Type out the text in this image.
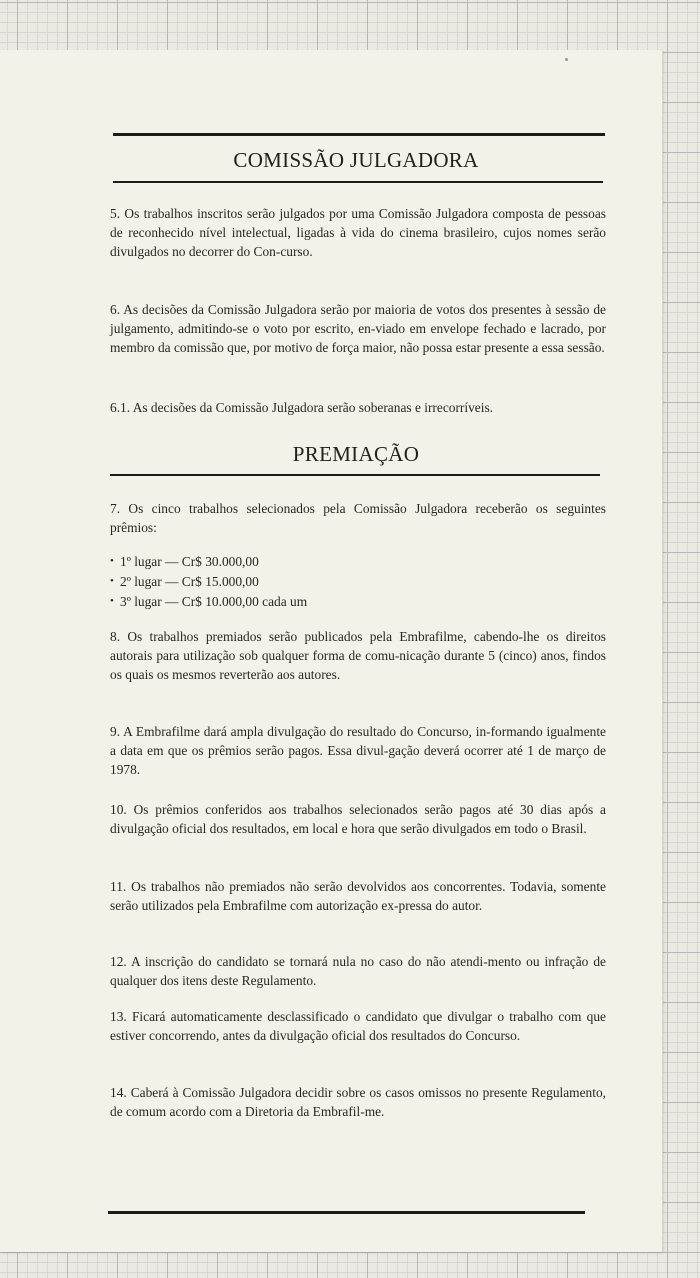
COMISSÃO JULGADORA
5. Os trabalhos inscritos serão julgados por uma Comissão Julgadora composta de pessoas de reconhecido nível intelectual, ligadas à vida do cinema brasileiro, cujos nomes serão divulgados no decorrer do Con-curso.
6. As decisões da Comissão Julgadora serão por maioria de votos dos presentes à sessão de julgamento, admitindo-se o voto por escrito, en-viado em envelope fechado e lacrado, por membro da comissão que, por motivo de força maior, não possa estar presente a essa sessão.
6.1. As decisões da Comissão Julgadora serão soberanas e irrecorríveis.
PREMIAÇÃO
7. Os cinco trabalhos selecionados pela Comissão Julgadora receberão os seguintes prêmios:
• 1º lugar — Cr$ 30.000,00
• 2º lugar — Cr$ 15.000,00
• 3º lugar — Cr$ 10.000,00 cada um
8. Os trabalhos premiados serão publicados pela Embrafilme, cabendo-lhe os direitos autorais para utilização sob qualquer forma de comu-nicação durante 5 (cinco) anos, findos os quais os mesmos reverterão aos autores.
9. A Embrafilme dará ampla divulgação do resultado do Concurso, in-formando igualmente a data em que os prêmios serão pagos. Essa divul-gação deverá ocorrer até 1 de março de 1978.
10. Os prêmios conferidos aos trabalhos selecionados serão pagos até 30 dias após a divulgação oficial dos resultados, em local e hora que serão divulgados em todo o Brasil.
11. Os trabalhos não premiados não serão devolvidos aos concorrentes. Todavia, somente serão utilizados pela Embrafilme com autorização ex-pressa do autor.
12. A inscrição do candidato se tornará nula no caso do não atendi-mento ou infração de qualquer dos itens deste Regulamento.
13. Ficará automaticamente desclassificado o candidato que divulgar o trabalho com que estiver concorrendo, antes da divulgação oficial dos resultados do Concurso.
14. Caberá à Comissão Julgadora decidir sobre os casos omissos no presente Regulamento, de comum acordo com a Diretoria da Embrafil-me.
